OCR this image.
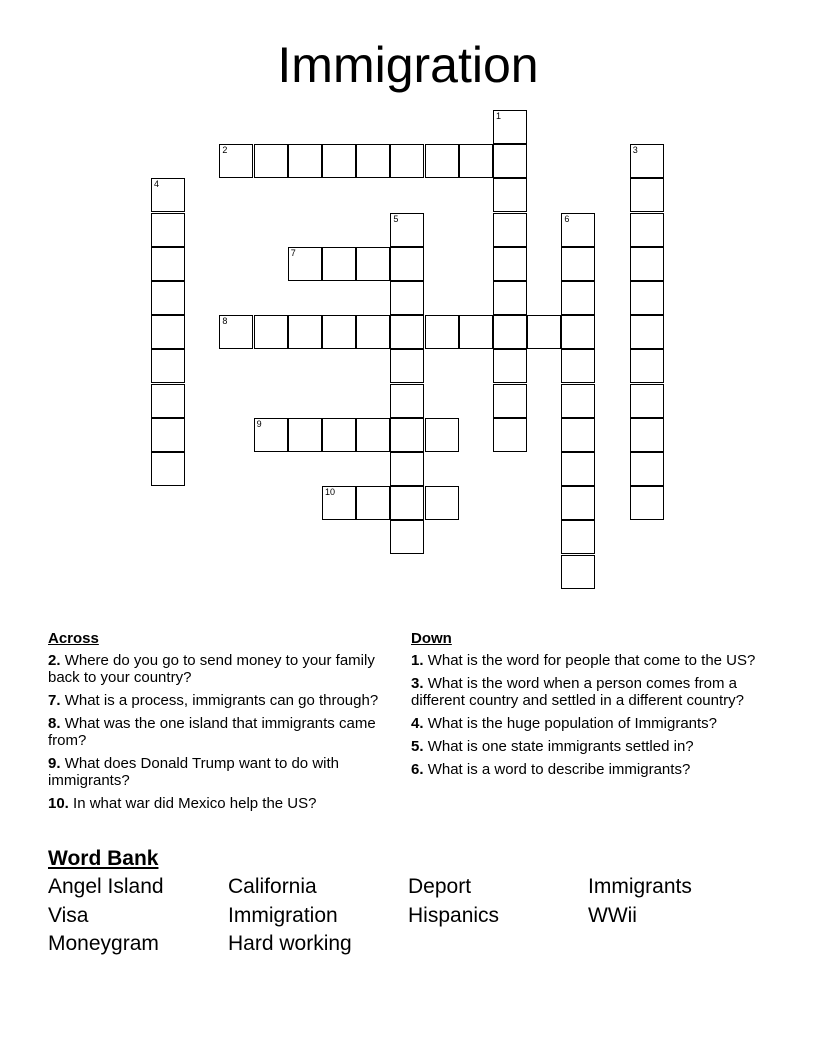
Immigration
1
2	3
4
5	6
7
8
9
10
Across
2. Where do you go to send money to your family back to your country?
7. What is a process, immigrants can go through?
8. What was the one island that immigrants came from?
9. What does Donald Trump want to do with immigrants?
10. In what war did Mexico help the US?
Down
1. What is the word for people that come to the US?
3. What is the word when a person comes from a different country and settled in a different country?
4. What is the huge population of Immigrants?
5. What is one state immigrants settled in?
6. What is a word to describe immigrants?
Word Bank
Angel Island	California	Deport	Immigrants
Visa	Immigration	Hispanics	WWii
Moneygram	Hard working
